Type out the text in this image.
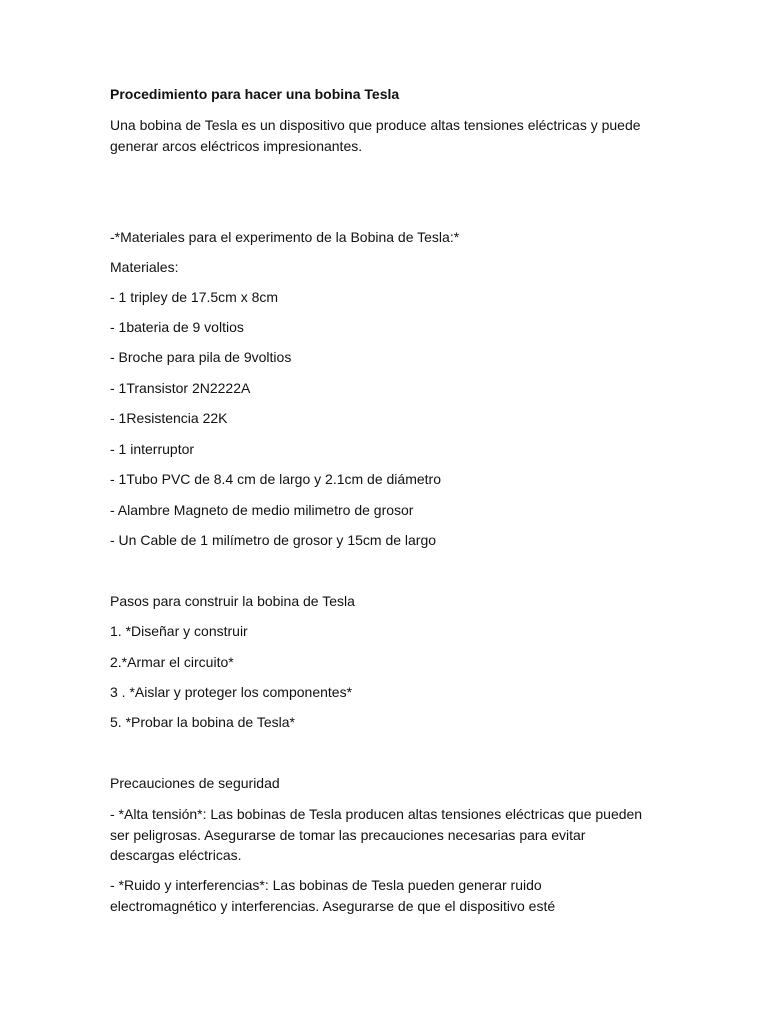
Procedimiento para hacer una bobina Tesla

Una bobina de Tesla es un dispositivo que produce altas tensiones eléctricas y puede generar arcos eléctricos impresionantes.

-*Materiales para el experimento de la Bobina de Tesla:*

Materiales:

- 1 tripley de 17.5cm x 8cm

- 1bateria de 9 voltios

- Broche para pila de 9voltios

- 1Transistor 2N2222A

- 1Resistencia 22K

- 1 interruptor

- 1Tubo PVC de 8.4 cm de largo y 2.1cm de diámetro

- Alambre Magneto de medio milimetro de grosor

- Un Cable de 1 milímetro de grosor y 15cm de largo

Pasos para construir la bobina de Tesla

1. *Diseñar y construir

2.*Armar el circuito*

3 . *Aislar y proteger los componentes*

5. *Probar la bobina de Tesla*

Precauciones de seguridad

- *Alta tensión*: Las bobinas de Tesla producen altas tensiones eléctricas que pueden ser peligrosas. Asegurarse de tomar las precauciones necesarias para evitar descargas eléctricas.

- *Ruido y interferencias*: Las bobinas de Tesla pueden generar ruido electromagnético y interferencias. Asegurarse de que el dispositivo esté
